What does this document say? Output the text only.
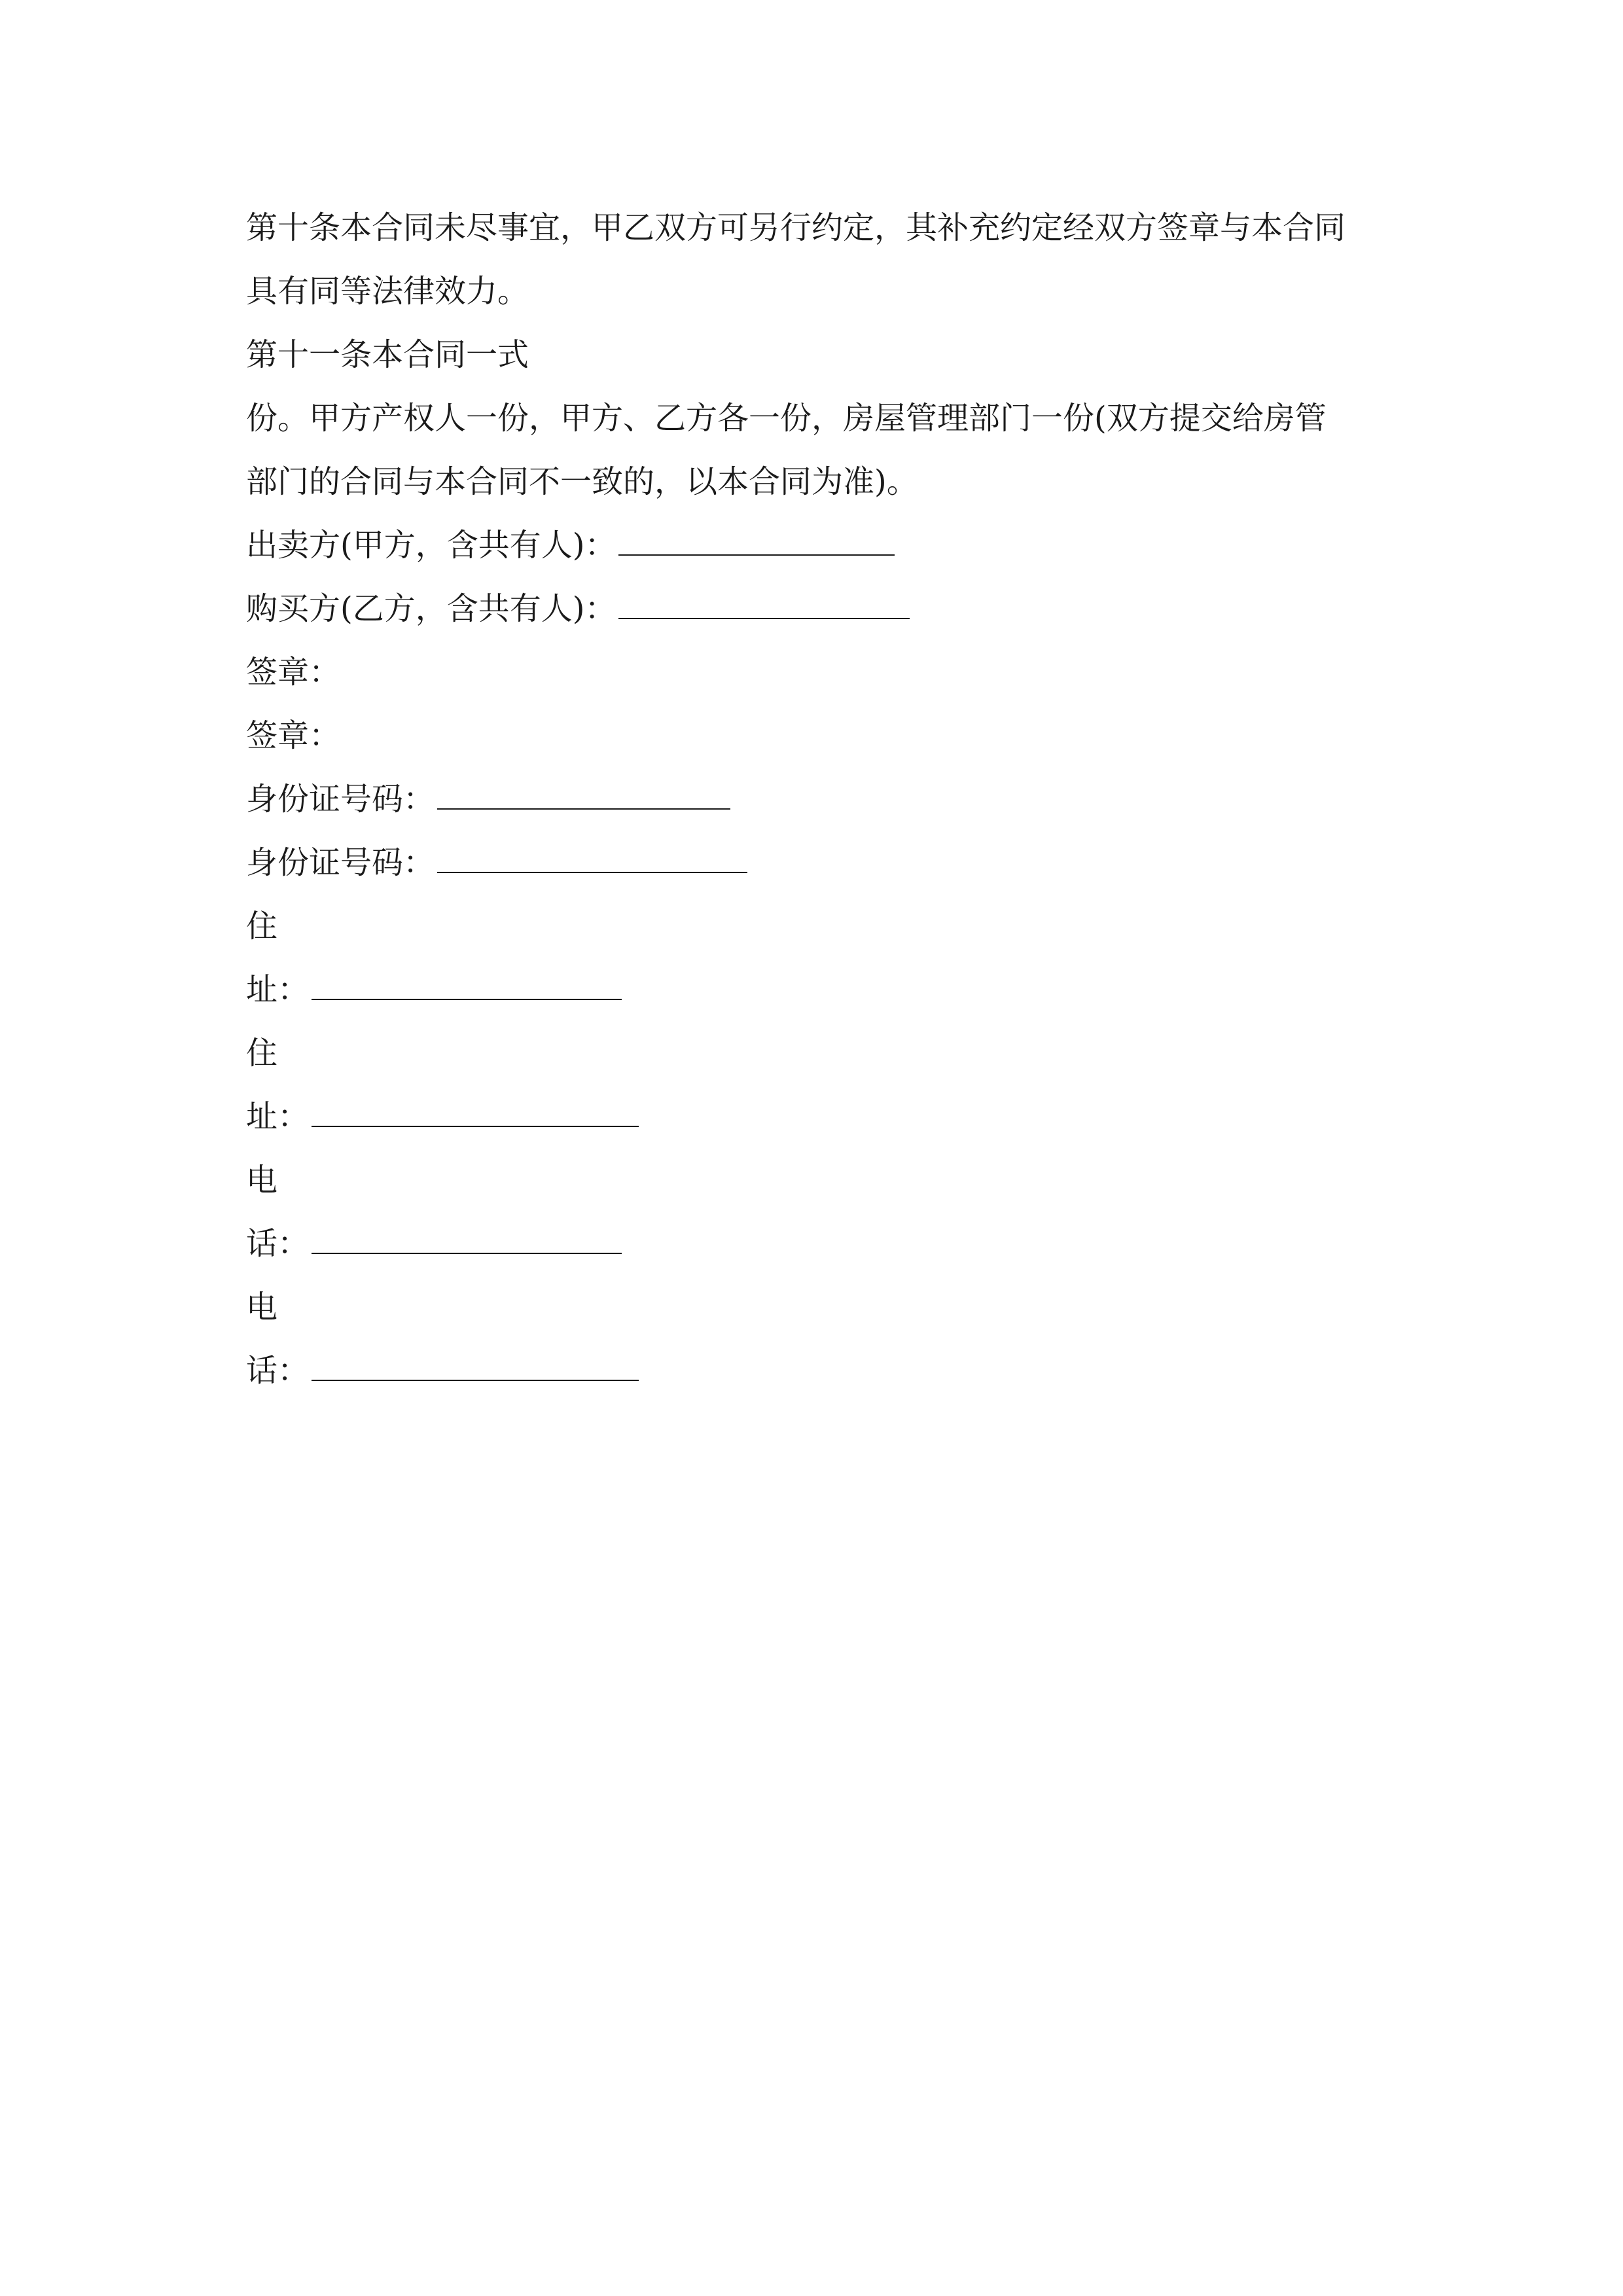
第十条本合同未尽事宜，甲乙双方可另行约定，其补充约定经双方签章与本合同
具有同等法律效力。
第十一条本合同一式
份。甲方产权人一份，甲方、乙方各一份，房屋管理部门一份(双方提交给房管
部门的合同与本合同不一致的，以本合同为准)。
出卖方(甲方，含共有人)：
购买方(乙方，含共有人)：
签章：
签章：
身份证号码：
身份证号码：
住
址：
住
址：
电
话：
电
话：
